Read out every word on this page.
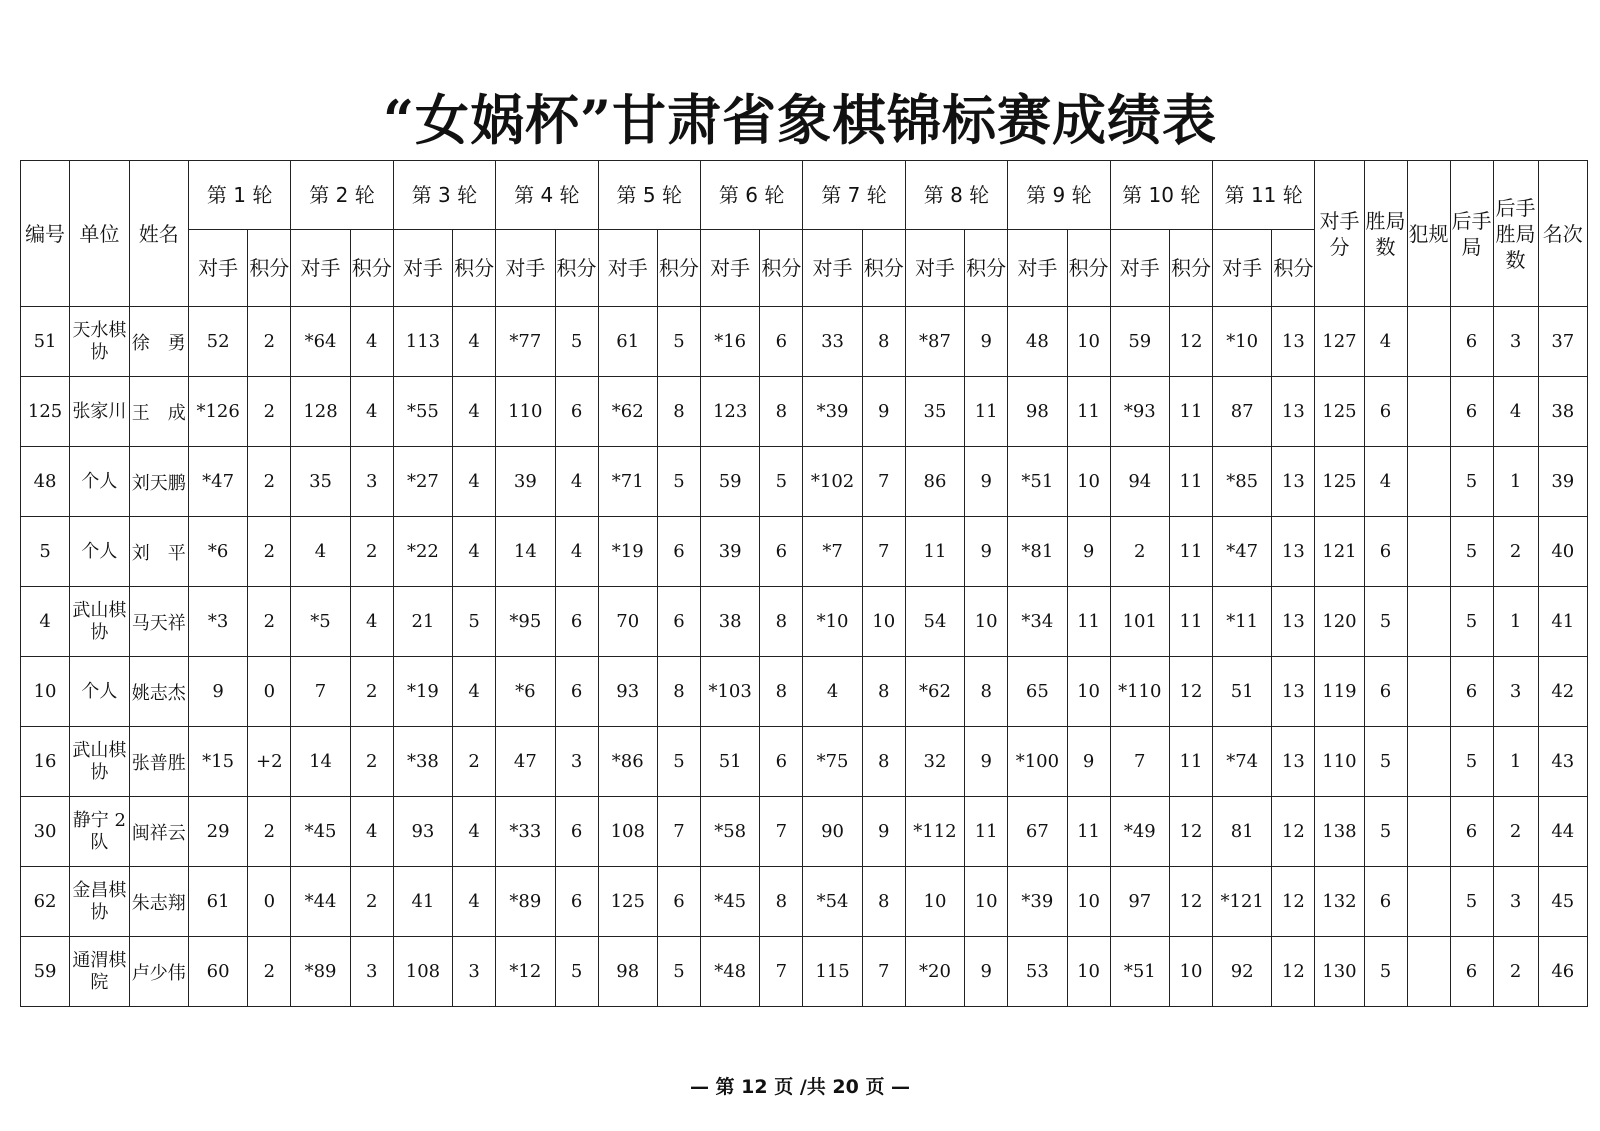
“女娲杯”甘肃省象棋锦标赛成绩表
编号	单位	姓名	第 1 轮		第 2 轮		第 3 轮		第 4 轮		第 5 轮		第 6 轮		第 7 轮		第 8 轮		第 9 轮		第 10 轮		第 11 轮		对手分	胜局数	犯规	后手局	后手胜局数	名次
			对手	积分	对手	积分	对手	积分	对手	积分	对手	积分	对手	积分	对手	积分	对手	积分	对手	积分	对手	积分	对手	积分						
51	天水棋协	徐　勇	52	2	*64	4	113	4	*77	5	61	5	*16	6	33	8	*87	9	48	10	59	12	*10	13	127	4		6	3	37
125	张家川	王　成	*126	2	128	4	*55	4	110	6	*62	8	123	8	*39	9	35	11	98	11	*93	11	87	13	125	6		6	4	38
48	个人	刘天鹏	*47	2	35	3	*27	4	39	4	*71	5	59	5	*102	7	86	9	*51	10	94	11	*85	13	125	4		5	1	39
5	个人	刘　平	*6	2	4	2	*22	4	14	4	*19	6	39	6	*7	7	11	9	*81	9	2	11	*47	13	121	6		5	2	40
4	武山棋协	马天祥	*3	2	*5	4	21	5	*95	6	70	6	38	8	*10	10	54	10	*34	11	101	11	*11	13	120	5		5	1	41
10	个人	姚志杰	9	0	7	2	*19	4	*6	6	93	8	*103	8	4	8	*62	8	65	10	*110	12	51	13	119	6		6	3	42
16	武山棋协	张普胜	*15	+2	14	2	*38	2	47	3	*86	5	51	6	*75	8	32	9	*100	9	7	11	*74	13	110	5		5	1	43
30	静宁 2 队	闽祥云	29	2	*45	4	93	4	*33	6	108	7	*58	7	90	9	*112	11	67	11	*49	12	81	12	138	5		6	2	44
62	金昌棋协	朱志翔	61	0	*44	2	41	4	*89	6	125	6	*45	8	*54	8	10	10	*39	10	97	12	*121	12	132	6		5	3	45
59	通渭棋院	卢少伟	60	2	*89	3	108	3	*12	5	98	5	*48	7	115	7	*20	9	53	10	*51	10	92	12	130	5		6	2	46
— 第 12 页 /共 20 页 —
